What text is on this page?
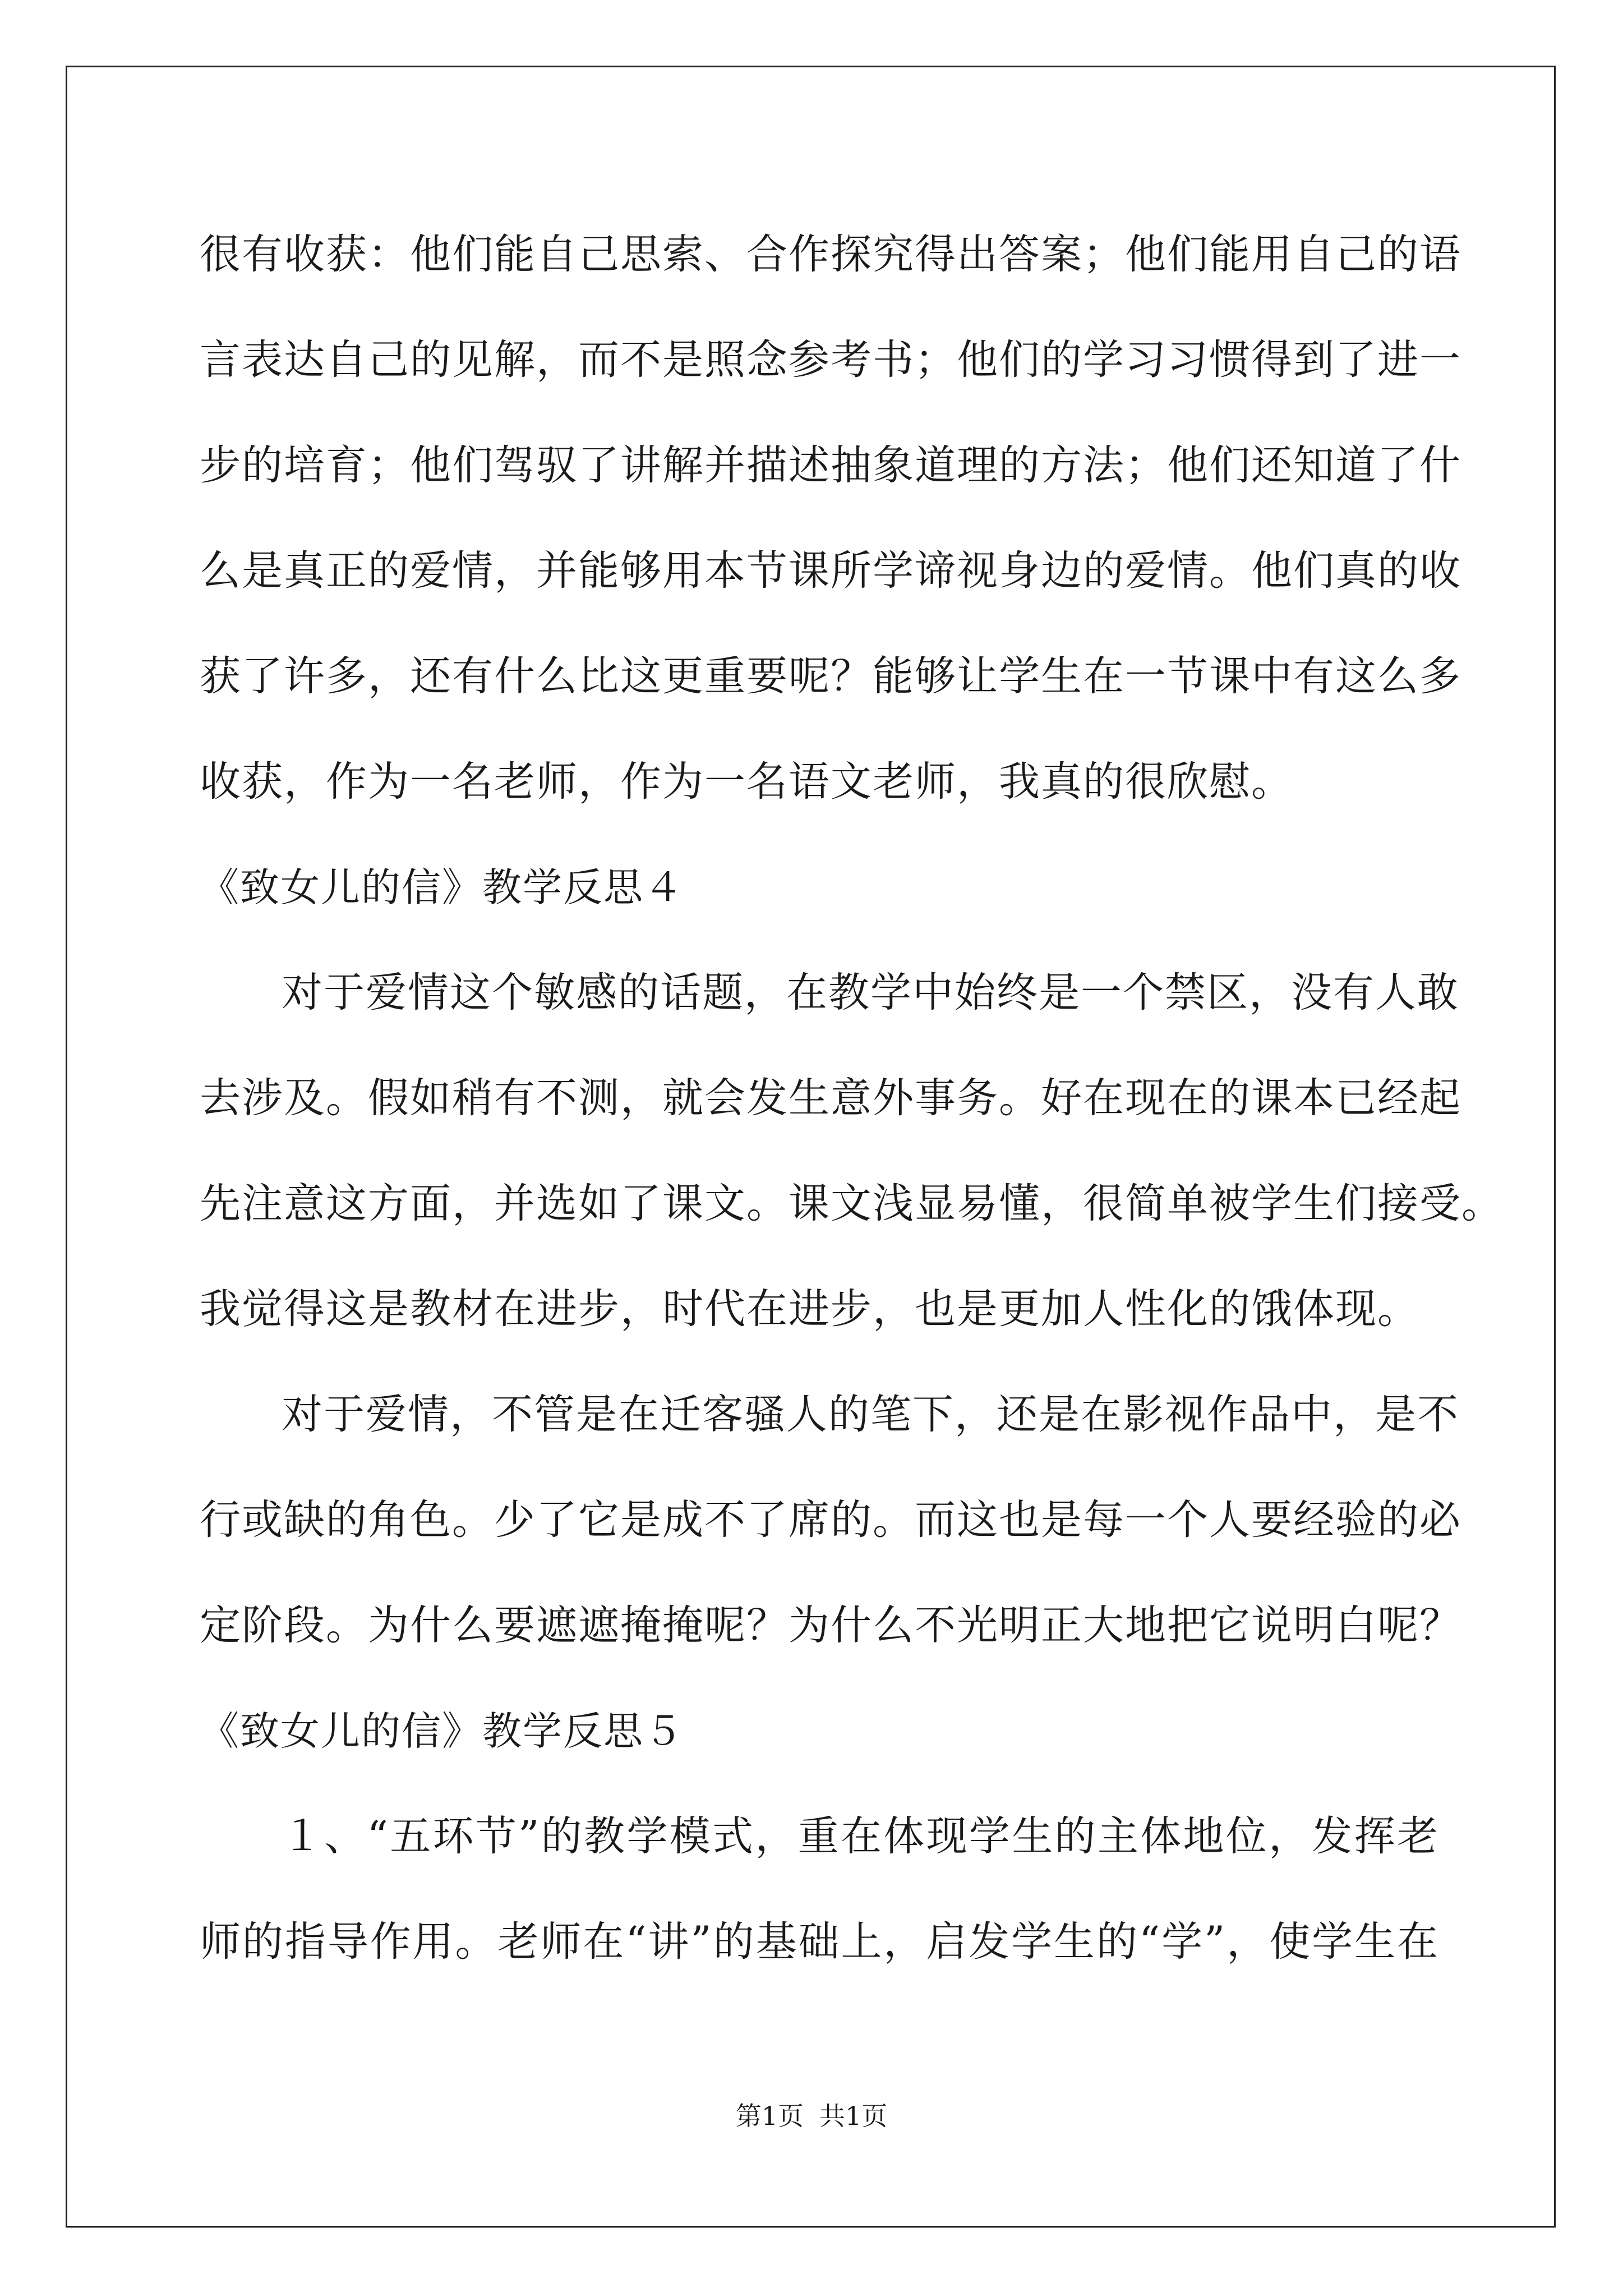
很有收获：他们能自己思索、合作探究得出答案；他们能用自己的语
言表达自己的见解，而不是照念参考书；他们的学习习惯得到了进一
步的培育；他们驾驭了讲解并描述抽象道理的方法；他们还知道了什
么是真正的爱情，并能够用本节课所学谛视身边的爱情。他们真的收
获了许多，还有什么比这更重要呢？能够让学生在一节课中有这么多
收获，作为一名老师，作为一名语文老师，我真的很欣慰。
《致女儿的信》教学反思４
对于爱情这个敏感的话题，在教学中始终是一个禁区，没有人敢
去涉及。假如稍有不测，就会发生意外事务。好在现在的课本已经起
先注意这方面，并选如了课文。课文浅显易懂，很简单被学生们接受。
我觉得这是教材在进步，时代在进步，也是更加人性化的饿体现。
对于爱情，不管是在迁客骚人的笔下，还是在影视作品中，是不
行或缺的角色。少了它是成不了席的。而这也是每一个人要经验的必
定阶段。为什么要遮遮掩掩呢？为什么不光明正大地把它说明白呢？
《致女儿的信》教学反思５
１、“五环节”的教学模式，重在体现学生的主体地位，发挥老
师的指导作用。老师在“讲”的基础上，启发学生的“学”，使学生在
第1页 共1页
